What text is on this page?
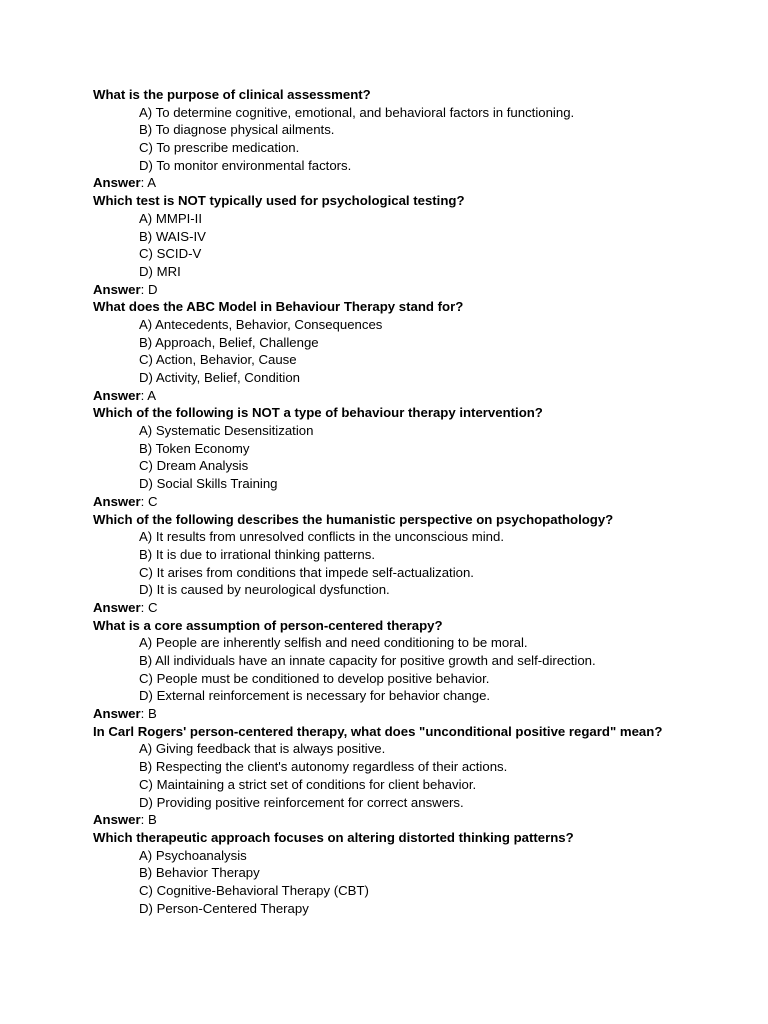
What is the purpose of clinical assessment?
A) To determine cognitive, emotional, and behavioral factors in functioning.
B) To diagnose physical ailments.
C) To prescribe medication.
D) To monitor environmental factors.
Answer: A
Which test is NOT typically used for psychological testing?
A) MMPI-II
B) WAIS-IV
C) SCID-V
D) MRI
Answer: D
What does the ABC Model in Behaviour Therapy stand for?
A) Antecedents, Behavior, Consequences
B) Approach, Belief, Challenge
C) Action, Behavior, Cause
D) Activity, Belief, Condition
Answer: A
Which of the following is NOT a type of behaviour therapy intervention?
A) Systematic Desensitization
B) Token Economy
C) Dream Analysis
D) Social Skills Training
Answer: C
Which of the following describes the humanistic perspective on psychopathology?
A) It results from unresolved conflicts in the unconscious mind.
B) It is due to irrational thinking patterns.
C) It arises from conditions that impede self-actualization.
D) It is caused by neurological dysfunction.
Answer: C
What is a core assumption of person-centered therapy?
A) People are inherently selfish and need conditioning to be moral.
B) All individuals have an innate capacity for positive growth and self-direction.
C) People must be conditioned to develop positive behavior.
D) External reinforcement is necessary for behavior change.
Answer: B
In Carl Rogers' person-centered therapy, what does "unconditional positive regard" mean?
A) Giving feedback that is always positive.
B) Respecting the client's autonomy regardless of their actions.
C) Maintaining a strict set of conditions for client behavior.
D) Providing positive reinforcement for correct answers.
Answer: B
Which therapeutic approach focuses on altering distorted thinking patterns?
A) Psychoanalysis
B) Behavior Therapy
C) Cognitive-Behavioral Therapy (CBT)
D) Person-Centered Therapy
